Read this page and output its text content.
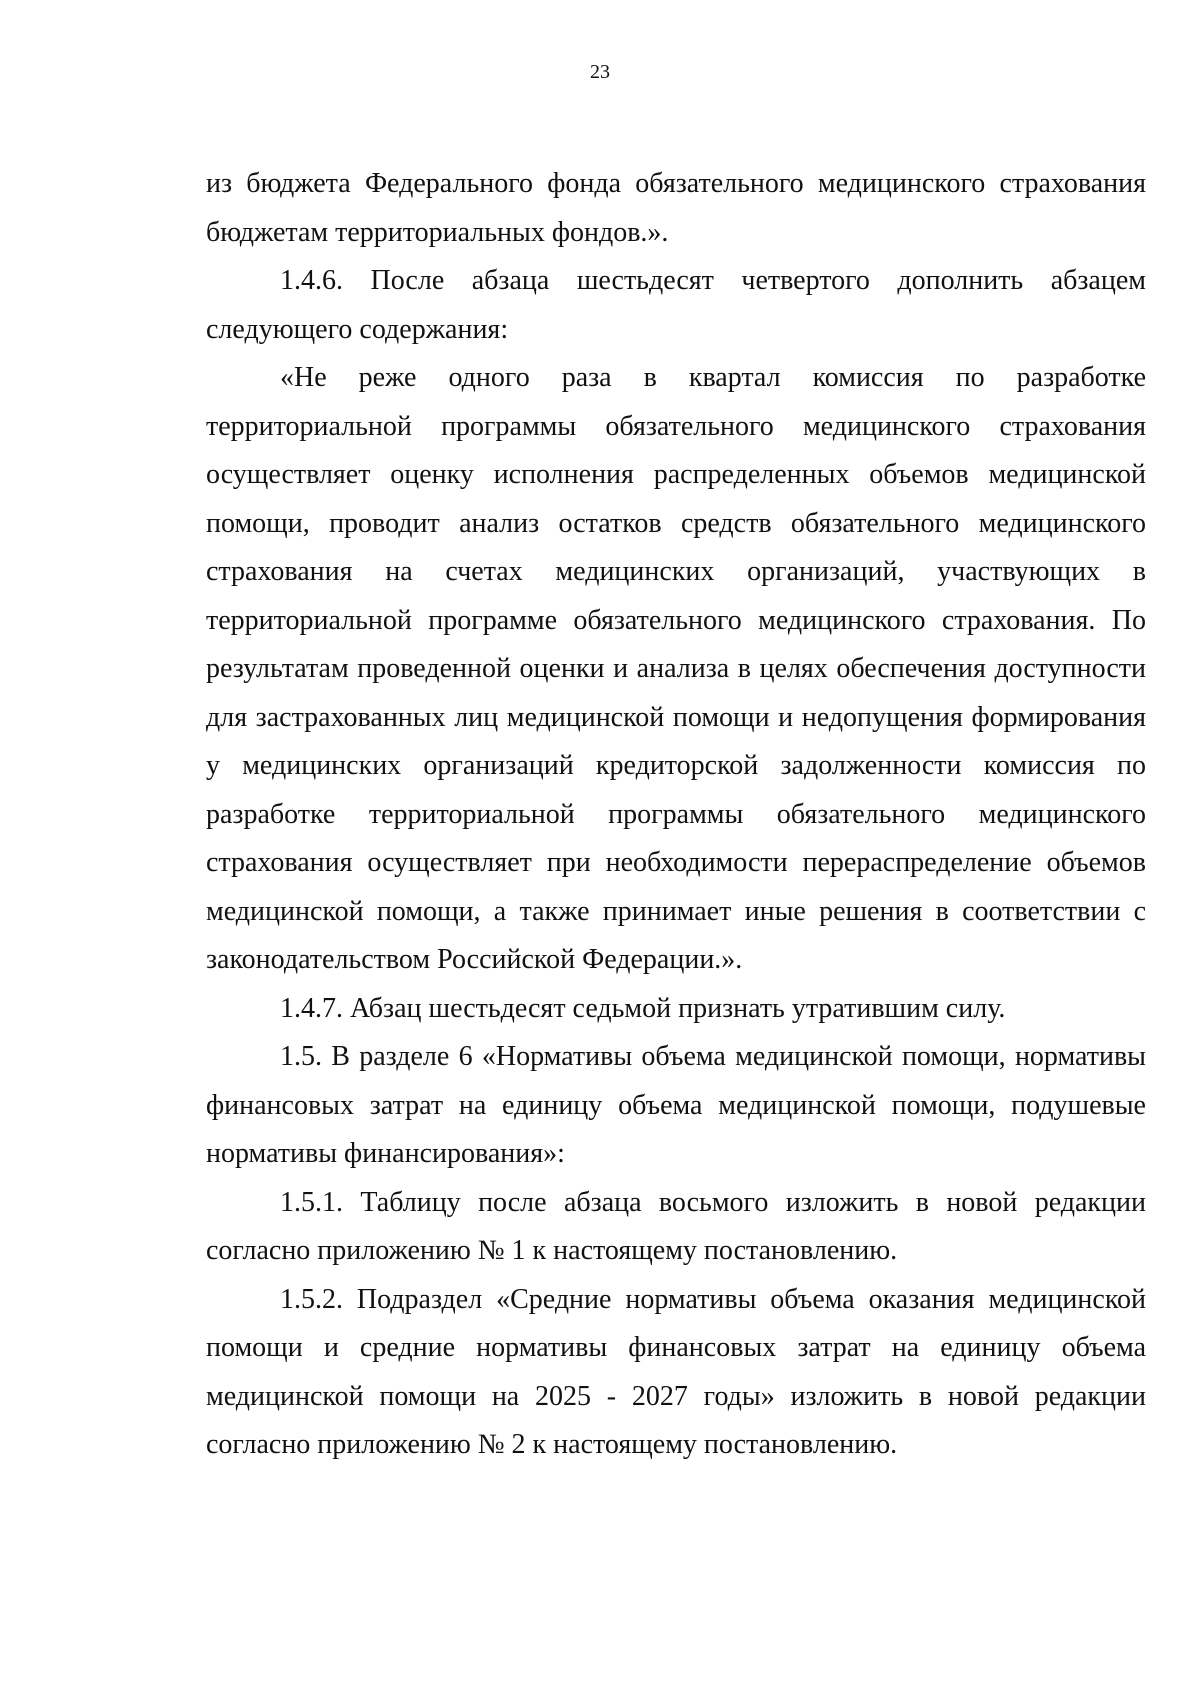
23

из бюджета Федерального фонда обязательного медицинского страхования бюджетам территориальных фондов.».

1.4.6. После абзаца шестьдесят четвертого дополнить абзацем следующего содержания:

«Не реже одного раза в квартал комиссия по разработке территориальной программы обязательного медицинского страхования осуществляет оценку исполнения распределенных объемов медицинской помощи, проводит анализ остатков средств обязательного медицинского страхования на счетах медицинских организаций, участвующих в территориальной программе обязательного медицинского страхования. По результатам проведенной оценки и анализа в целях обеспечения доступности для застрахованных лиц медицинской помощи и недопущения формирования у медицинских организаций кредиторской задолженности комиссия по разработке территориальной программы обязательного медицинского страхования осуществляет при необходимости перераспределение объемов медицинской помощи, а также принимает иные решения в соответствии с законодательством Российской Федерации.».

1.4.7. Абзац шестьдесят седьмой признать утратившим силу.

1.5. В разделе 6 «Нормативы объема медицинской помощи, нормативы финансовых затрат на единицу объема медицинской помощи, подушевые нормативы финансирования»:

1.5.1. Таблицу после абзаца восьмого изложить в новой редакции согласно приложению № 1 к настоящему постановлению.

1.5.2. Подраздел «Средние нормативы объема оказания медицинской помощи и средние нормативы финансовых затрат на единицу объема медицинской помощи на 2025 - 2027 годы» изложить в новой редакции согласно приложению № 2 к настоящему постановлению.
